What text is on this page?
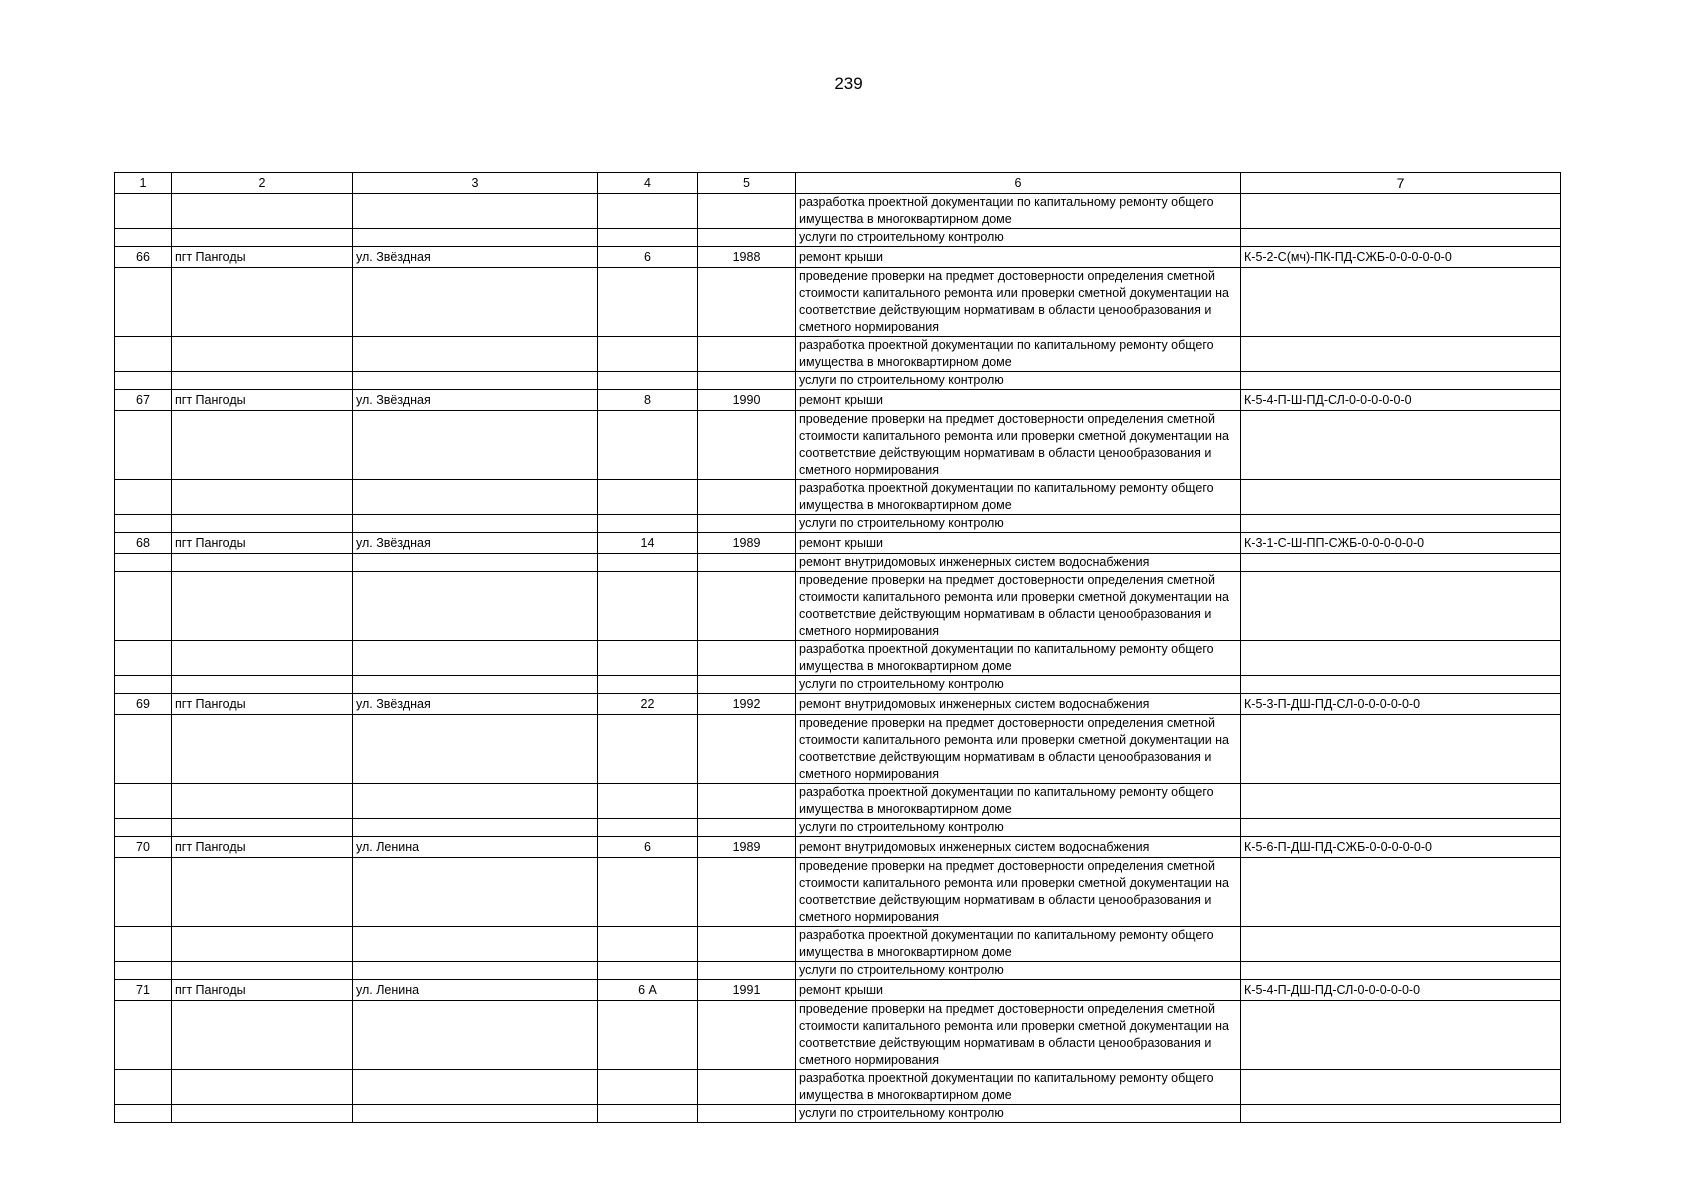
239
1	2	3	4	5	6	7
					разработка проектной документации по капитальному ремонту общего имущества в многоквартирном доме	
					услуги по строительному контролю	
66	пгт Пангоды	ул. Звёздная	6	1988	ремонт крыши	К-5-2-С(мч)-ПК-ПД-СЖБ-0-0-0-0-0-0
					проведение проверки на предмет достоверности определения сметной стоимости капитального ремонта или проверки сметной документации на соответствие действующим нормативам в области ценообразования и сметного нормирования	
					разработка проектной документации по капитальному ремонту общего имущества в многоквартирном доме	
					услуги по строительному контролю	
67	пгт Пангоды	ул. Звёздная	8	1990	ремонт крыши	К-5-4-П-Ш-ПД-СЛ-0-0-0-0-0-0
					проведение проверки на предмет достоверности определения сметной стоимости капитального ремонта или проверки сметной документации на соответствие действующим нормативам в области ценообразования и сметного нормирования	
					разработка проектной документации по капитальному ремонту общего имущества в многоквартирном доме	
					услуги по строительному контролю	
68	пгт Пангоды	ул. Звёздная	14	1989	ремонт крыши	К-3-1-С-Ш-ПП-СЖБ-0-0-0-0-0-0
					ремонт внутридомовых инженерных систем водоснабжения	
					проведение проверки на предмет достоверности определения сметной стоимости капитального ремонта или проверки сметной документации на соответствие действующим нормативам в области ценообразования и сметного нормирования	
					разработка проектной документации по капитальному ремонту общего имущества в многоквартирном доме	
					услуги по строительному контролю	
69	пгт Пангоды	ул. Звёздная	22	1992	ремонт внутридомовых инженерных систем водоснабжения	К-5-3-П-ДШ-ПД-СЛ-0-0-0-0-0-0
					проведение проверки на предмет достоверности определения сметной стоимости капитального ремонта или проверки сметной документации на соответствие действующим нормативам в области ценообразования и сметного нормирования	
					разработка проектной документации по капитальному ремонту общего имущества в многоквартирном доме	
					услуги по строительному контролю	
70	пгт Пангоды	ул. Ленина	6	1989	ремонт внутридомовых инженерных систем водоснабжения	К-5-6-П-ДШ-ПД-СЖБ-0-0-0-0-0-0
					проведение проверки на предмет достоверности определения сметной стоимости капитального ремонта или проверки сметной документации на соответствие действующим нормативам в области ценообразования и сметного нормирования	
					разработка проектной документации по капитальному ремонту общего имущества в многоквартирном доме	
					услуги по строительному контролю	
71	пгт Пангоды	ул. Ленина	6 А	1991	ремонт крыши	К-5-4-П-ДШ-ПД-СЛ-0-0-0-0-0-0
					проведение проверки на предмет достоверности определения сметной стоимости капитального ремонта или проверки сметной документации на соответствие действующим нормативам в области ценообразования и сметного нормирования	
					разработка проектной документации по капитальному ремонту общего имущества в многоквартирном доме	
					услуги по строительному контролю	
